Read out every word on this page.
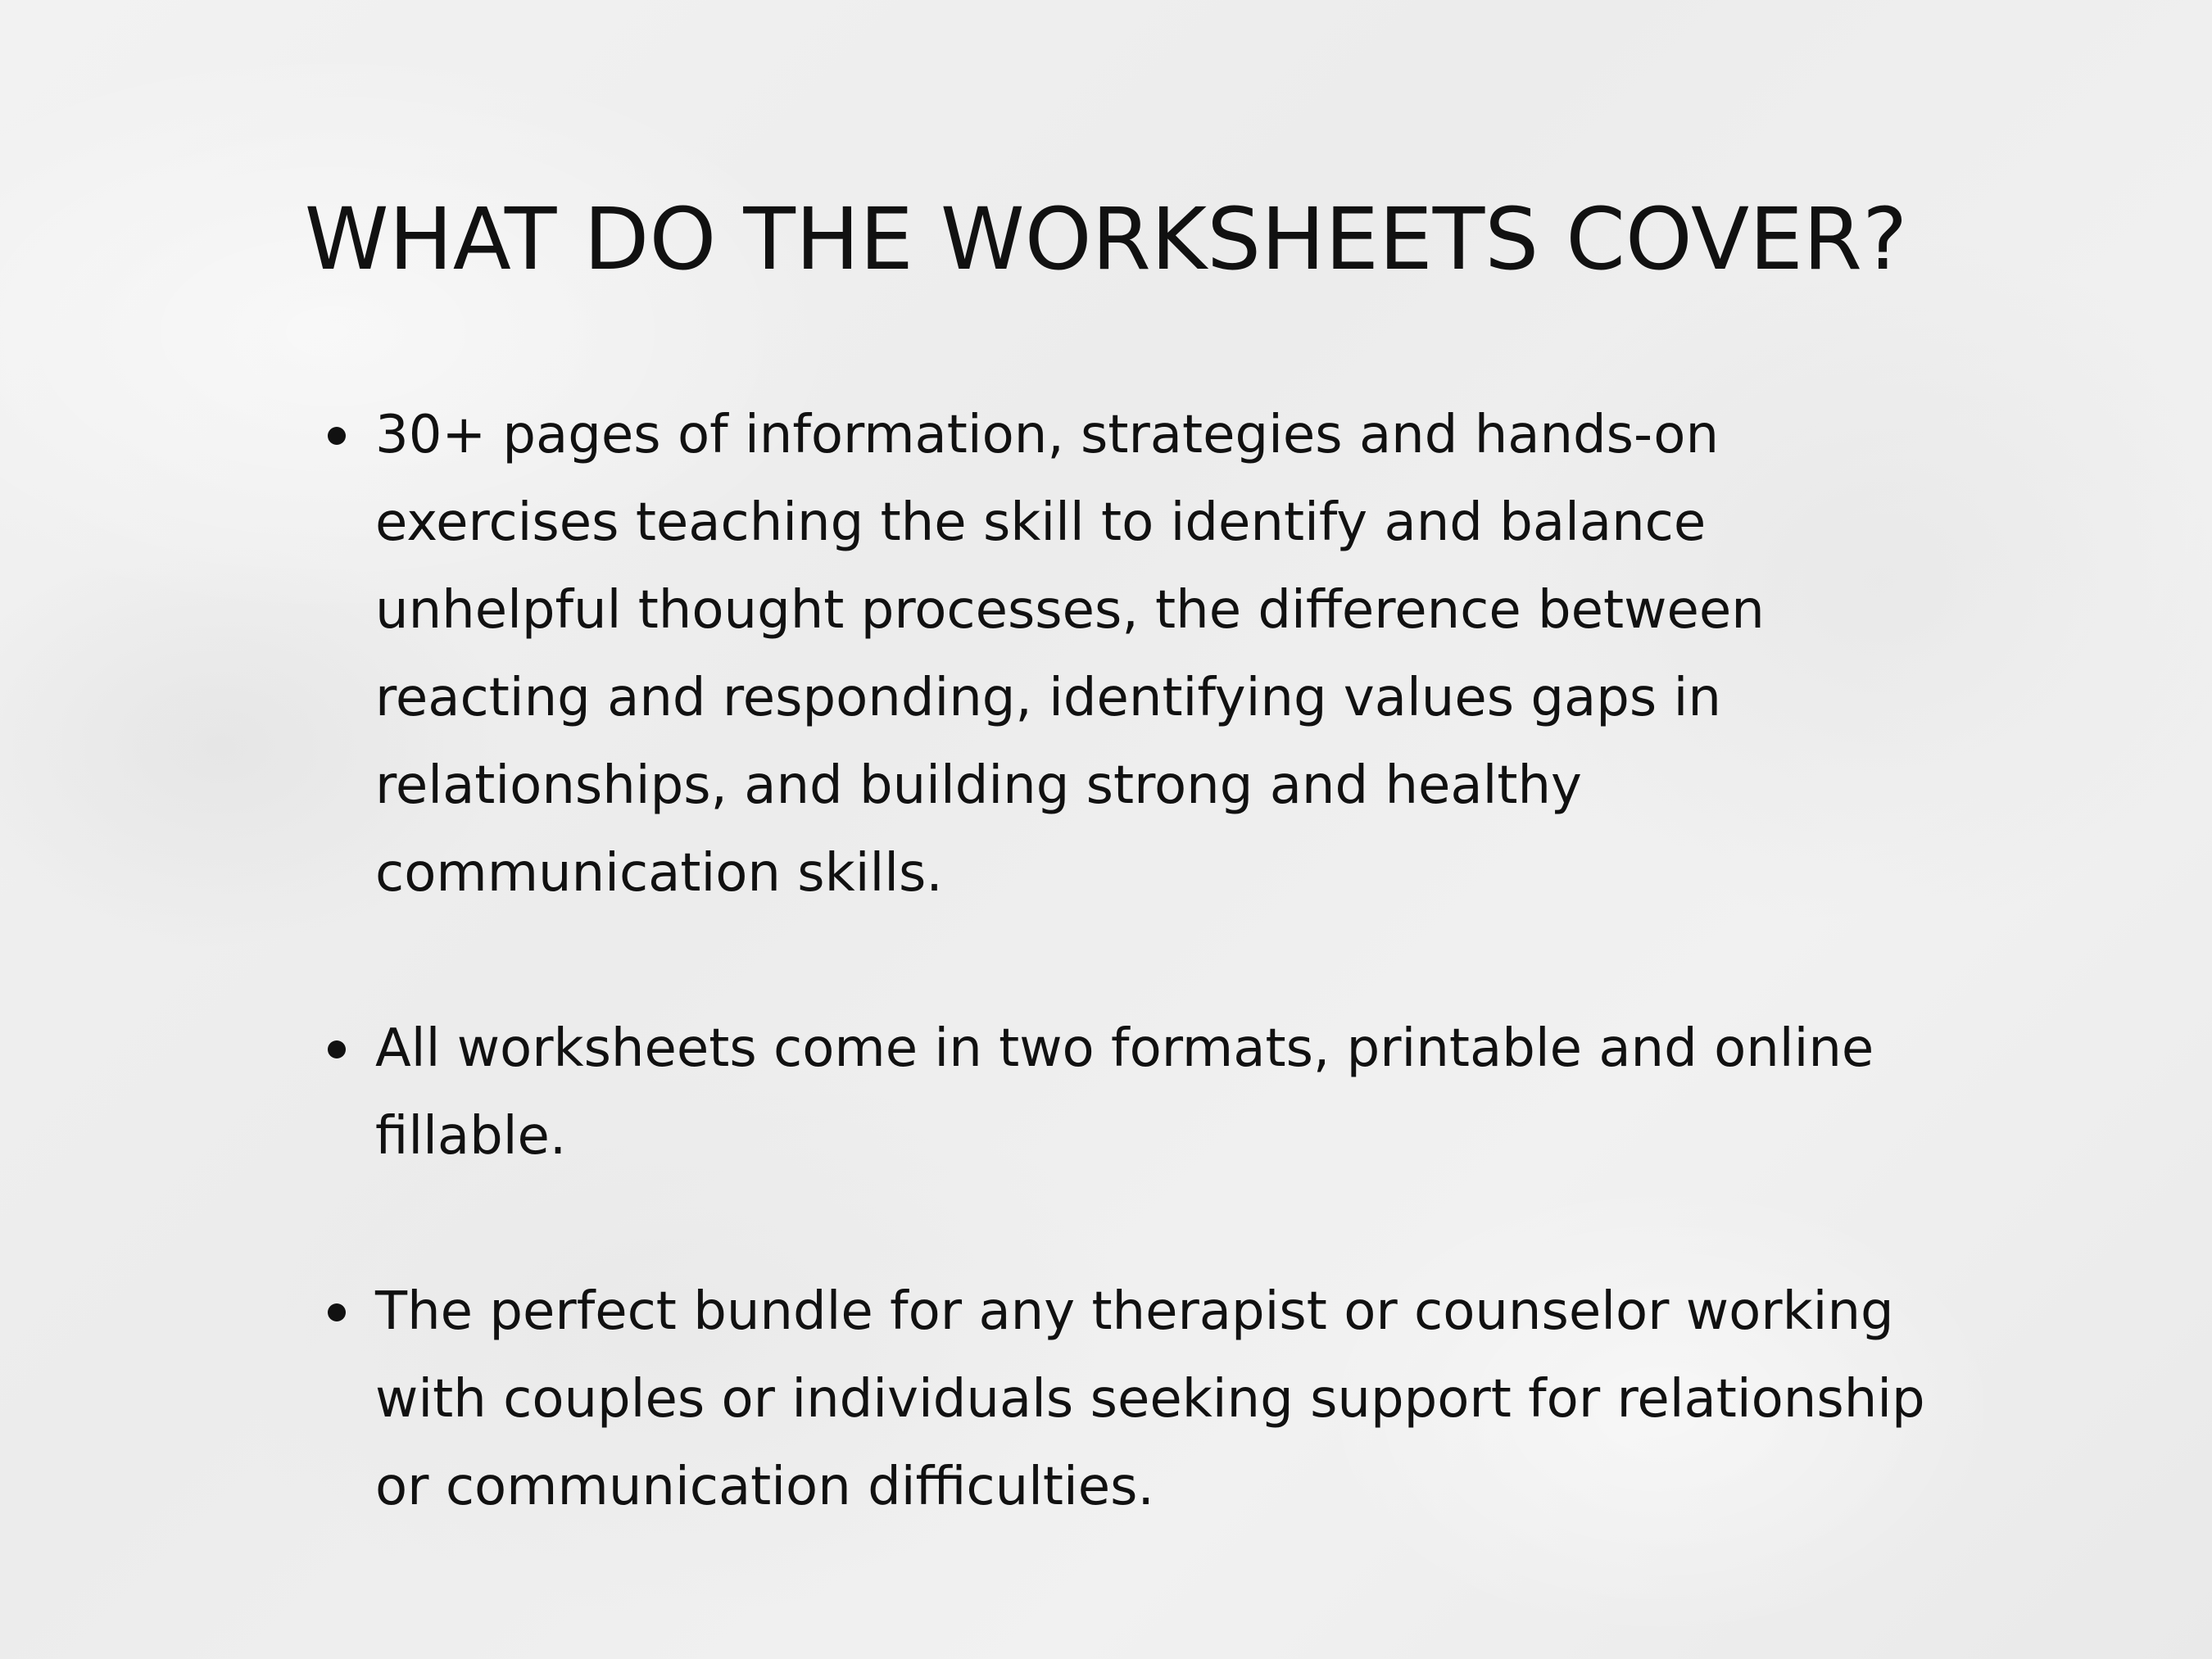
WHAT DO THE WORKSHEETS COVER?
30+ pages of information, strategies and hands-on
exercises teaching the skill to identify and balance
unhelpful thought processes, the difference between
reacting and responding, identifying values gaps in
relationships, and building strong and healthy
communication skills.
All worksheets come in two formats, printable and online
fillable.
The perfect bundle for any therapist or counselor working
with couples or individuals seeking support for relationship
or communication difficulties.
